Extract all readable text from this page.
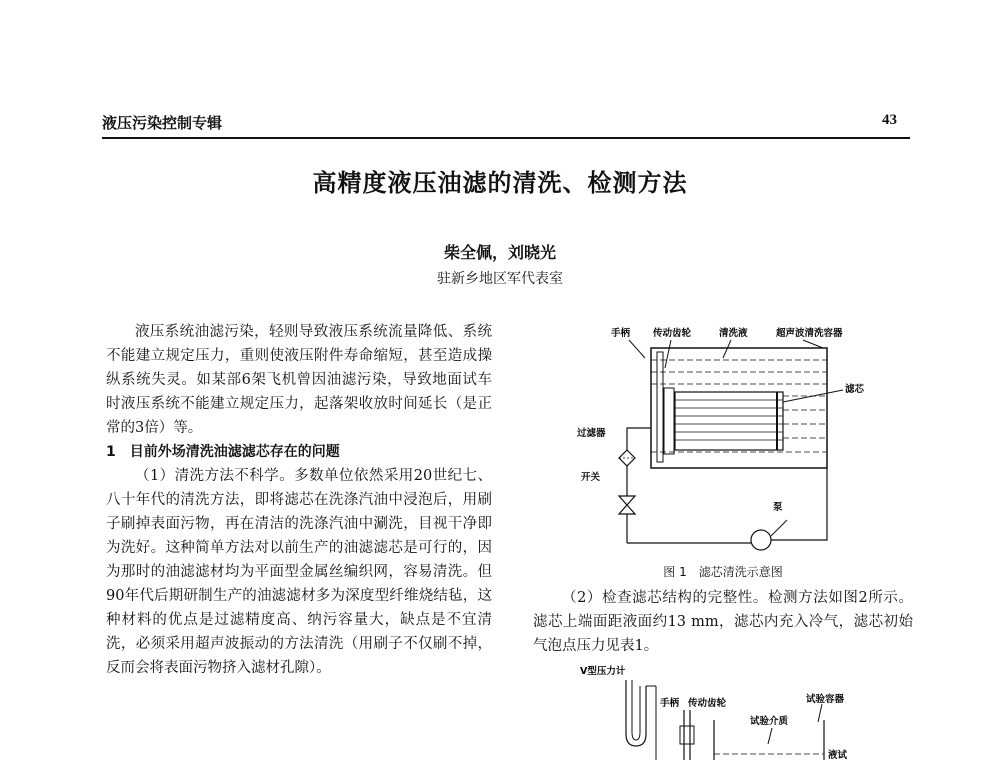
液压污染控制专辑	43
高精度液压油滤的清洗、检测方法
柴全佩，刘晓光
驻新乡地区军代表室
液压系统油滤污染，轻则导致液压系统流量降低、系统不能建立规定压力，重则使液压附件寿命缩短，甚至造成操纵系统失灵。如某部6架飞机曾因油滤污染，导致地面试车时液压系统不能建立规定压力，起落架收放时间延长（是正常的3倍）等。
1　目前外场清洗油滤滤芯存在的问题
（1）清洗方法不科学。多数单位依然采用20世纪七、八十年代的清洗方法，即将滤芯在洗涤汽油中浸泡后，用刷子刷掉表面污物，再在清洁的洗涤汽油中涮洗，目视干净即为洗好。这种简单方法对以前生产的油滤滤芯是可行的，因为那时的油滤滤材均为平面型金属丝编织网，容易清洗。但90年代后期研制生产的油滤滤材多为深度型纤维烧结毡，这种材料的优点是过滤精度高、纳污容量大，缺点是不宜清洗，必须采用超声波振动的方法清洗（用刷子不仅刷不掉，反而会将表面污物挤入滤材孔隙）。
手柄 传动齿轮	清洗液	超声波清洗容器
滤芯
过滤器
开关
泵
图 1　滤芯清洗示意图
（2）检查滤芯结构的完整性。检测方法如图2所示。滤芯上端面距液面约13 mm，滤芯内充入冷气，滤芯初始气泡点压力见表1。
V型压力计
手柄 传动齿轮	试验容器
试验介质
液试
